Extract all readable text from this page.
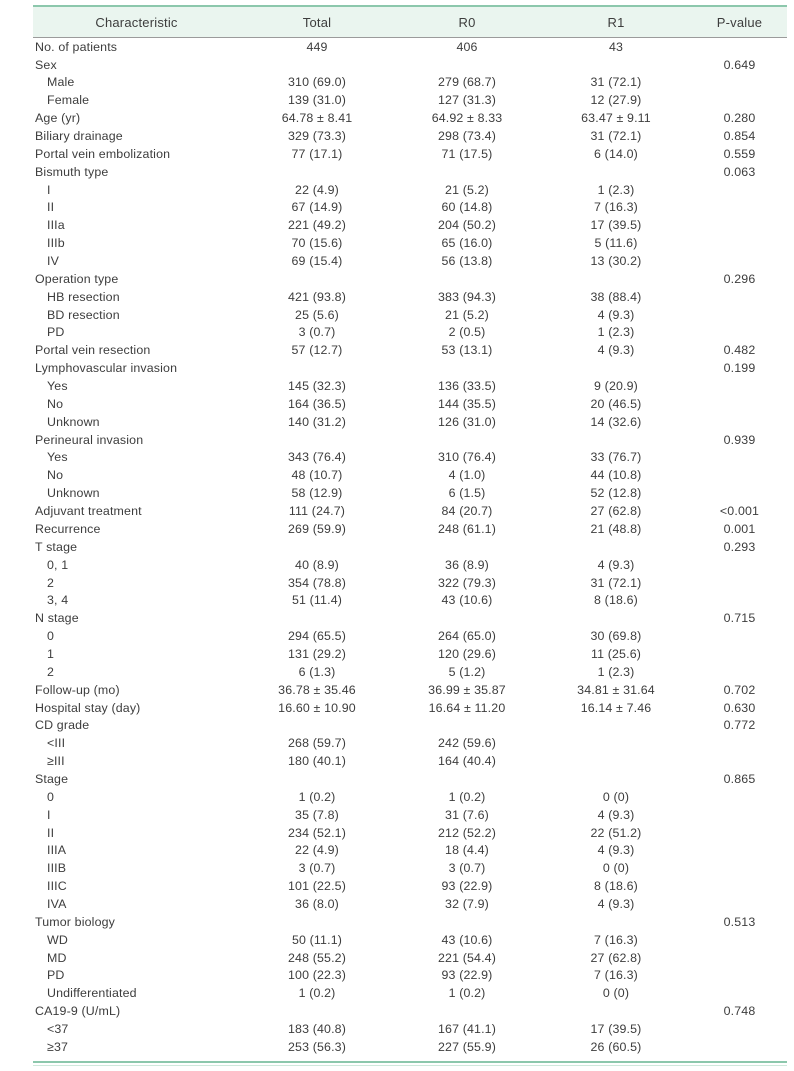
Characteristic	Total	R0	R1	P-value
No. of patients	449	406	43	
Sex				0.649
Male	310 (69.0)	279 (68.7)	31 (72.1)	
Female	139 (31.0)	127 (31.3)	12 (27.9)	
Age (yr)	64.78 ± 8.41	64.92 ± 8.33	63.47 ± 9.11	0.280
Biliary drainage	329 (73.3)	298 (73.4)	31 (72.1)	0.854
Portal vein embolization	77 (17.1)	71 (17.5)	6 (14.0)	0.559
Bismuth type				0.063
I	22 (4.9)	21 (5.2)	1 (2.3)	
II	67 (14.9)	60 (14.8)	7 (16.3)	
IIIa	221 (49.2)	204 (50.2)	17 (39.5)	
IIIb	70 (15.6)	65 (16.0)	5 (11.6)	
IV	69 (15.4)	56 (13.8)	13 (30.2)	
Operation type				0.296
HB resection	421 (93.8)	383 (94.3)	38 (88.4)	
BD resection	25 (5.6)	21 (5.2)	4 (9.3)	
PD	3 (0.7)	2 (0.5)	1 (2.3)	
Portal vein resection	57 (12.7)	53 (13.1)	4 (9.3)	0.482
Lymphovascular invasion				0.199
Yes	145 (32.3)	136 (33.5)	9 (20.9)	
No	164 (36.5)	144 (35.5)	20 (46.5)	
Unknown	140 (31.2)	126 (31.0)	14 (32.6)	
Perineural invasion				0.939
Yes	343 (76.4)	310 (76.4)	33 (76.7)	
No	48 (10.7)	4 (1.0)	44 (10.8)	
Unknown	58 (12.9)	6 (1.5)	52 (12.8)	
Adjuvant treatment	111 (24.7)	84 (20.7)	27 (62.8)	<0.001
Recurrence	269 (59.9)	248 (61.1)	21 (48.8)	0.001
T stage				0.293
0, 1	40 (8.9)	36 (8.9)	4 (9.3)	
2	354 (78.8)	322 (79.3)	31 (72.1)	
3, 4	51 (11.4)	43 (10.6)	8 (18.6)	
N stage				0.715
0	294 (65.5)	264 (65.0)	30 (69.8)	
1	131 (29.2)	120 (29.6)	11 (25.6)	
2	6 (1.3)	5 (1.2)	1 (2.3)	
Follow-up (mo)	36.78 ± 35.46	36.99 ± 35.87	34.81 ± 31.64	0.702
Hospital stay (day)	16.60 ± 10.90	16.64 ± 11.20	16.14 ± 7.46	0.630
CD grade				0.772
<III	268 (59.7)	242 (59.6)		
≥III	180 (40.1)	164 (40.4)		
Stage				0.865
0	1 (0.2)	1 (0.2)	0 (0)	
I	35 (7.8)	31 (7.6)	4 (9.3)	
II	234 (52.1)	212 (52.2)	22 (51.2)	
IIIA	22 (4.9)	18 (4.4)	4 (9.3)	
IIIB	3 (0.7)	3 (0.7)	0 (0)	
IIIC	101 (22.5)	93 (22.9)	8 (18.6)	
IVA	36 (8.0)	32 (7.9)	4 (9.3)	
Tumor biology				0.513
WD	50 (11.1)	43 (10.6)	7 (16.3)	
MD	248 (55.2)	221 (54.4)	27 (62.8)	
PD	100 (22.3)	93 (22.9)	7 (16.3)	
Undifferentiated	1 (0.2)	1 (0.2)	0 (0)	
CA19-9 (U/mL)				0.748
<37	183 (40.8)	167 (41.1)	17 (39.5)	
≥37	253 (56.3)	227 (55.9)	26 (60.5)	
